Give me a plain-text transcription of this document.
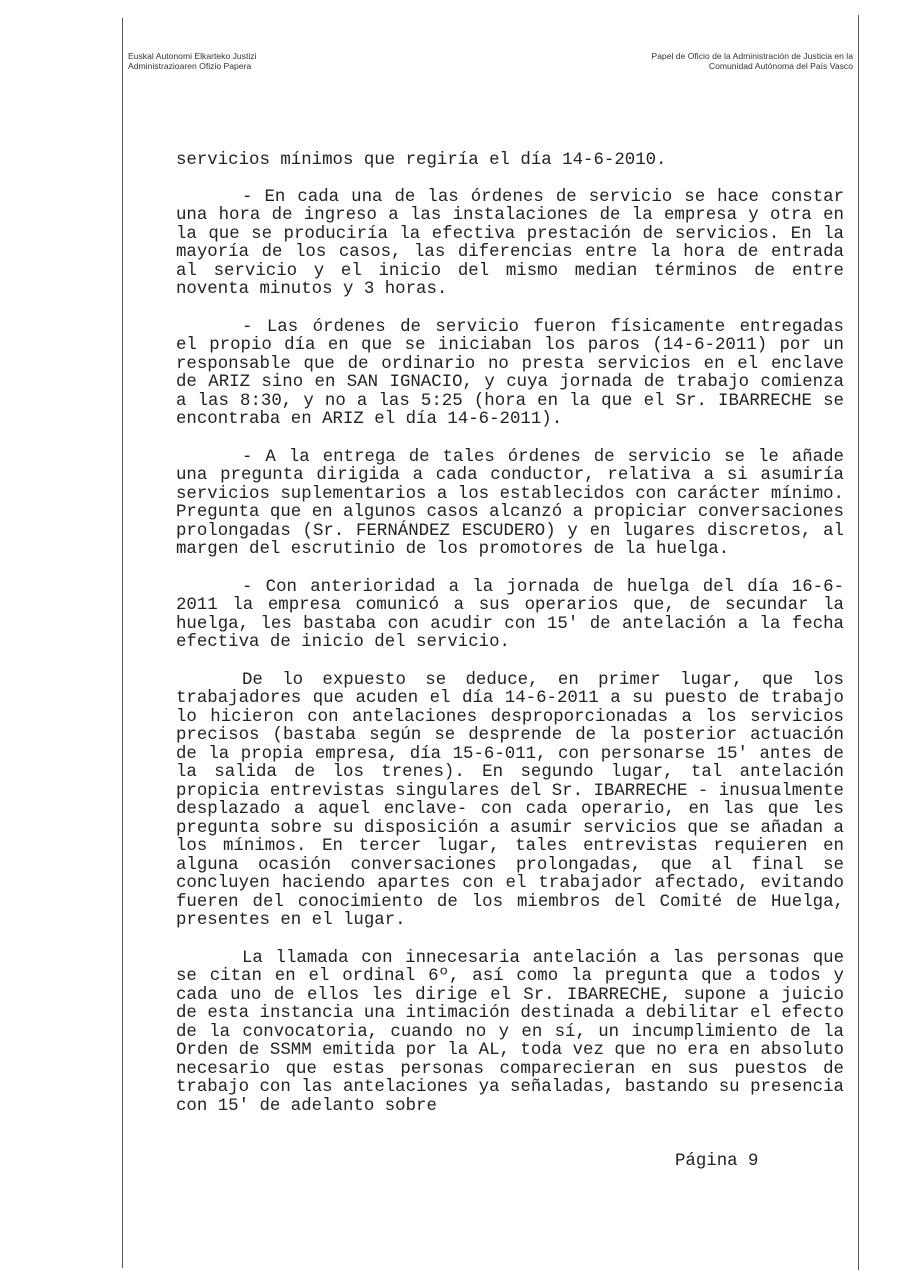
Euskal Autonomi Elkarteko Justizi
Administrazioaren Ofizio Papera
Papel de Oficio de la Administración de Justicia en la
Comunidad Autónoma del País Vasco

servicios mínimos que regiría el día 14-6-2010.

- En cada una de las órdenes de servicio se hace constar una hora de ingreso a las instalaciones de la empresa y otra en la que se produciría la efectiva prestación de servicios. En la mayoría de los casos, las diferencias entre la hora de entrada al servicio y el inicio del mismo median términos de entre noventa minutos y 3 horas.

- Las órdenes de servicio fueron físicamente entregadas el propio día en que se iniciaban los paros (14-6-2011) por un responsable que de ordinario no presta servicios en el enclave de ARIZ sino en SAN IGNACIO, y cuya jornada de trabajo comienza a las 8:30, y no a las 5:25 (hora en la que el Sr. IBARRECHE se encontraba en ARIZ el día 14-6-2011).

- A la entrega de tales órdenes de servicio se le añade una pregunta dirigida a cada conductor, relativa a si asumiría servicios suplementarios a los establecidos con carácter mínimo. Pregunta que en algunos casos alcanzó a propiciar conversaciones prolongadas (Sr. FERNÁNDEZ ESCUDERO) y en lugares discretos, al margen del escrutinio de los promotores de la huelga.

- Con anterioridad a la jornada de huelga del día 16-6-2011 la empresa comunicó a sus operarios que, de secundar la huelga, les bastaba con acudir con 15' de antelación a la fecha efectiva de inicio del servicio.

De lo expuesto se deduce, en primer lugar, que los trabajadores que acuden el día 14-6-2011 a su puesto de trabajo lo hicieron con antelaciones desproporcionadas a los servicios precisos (bastaba según se desprende de la posterior actuación de la propia empresa, día 15-6-011, con personarse 15' antes de la salida de los trenes). En segundo lugar, tal antelación propicia entrevistas singulares del Sr. IBARRECHE - inusualmente desplazado a aquel enclave- con cada operario, en las que les pregunta sobre su disposición a asumir servicios que se añadan a los mínimos. En tercer lugar, tales entrevistas requieren en alguna ocasión conversaciones prolongadas, que al final se concluyen haciendo apartes con el trabajador afectado, evitando fueren del conocimiento de los miembros del Comité de Huelga, presentes en el lugar.

La llamada con innecesaria antelación a las personas que se citan en el ordinal 6º, así como la pregunta que a todos y cada uno de ellos les dirige el Sr. IBARRECHE, supone a juicio de esta instancia una intimación destinada a debilitar el efecto de la convocatoria, cuando no y en sí, un incumplimiento de la Orden de SSMM emitida por la AL, toda vez que no era en absoluto necesario que estas personas comparecieran en sus puestos de trabajo con las antelaciones ya señaladas, bastando su presencia con 15' de adelanto sobre

Página 9
